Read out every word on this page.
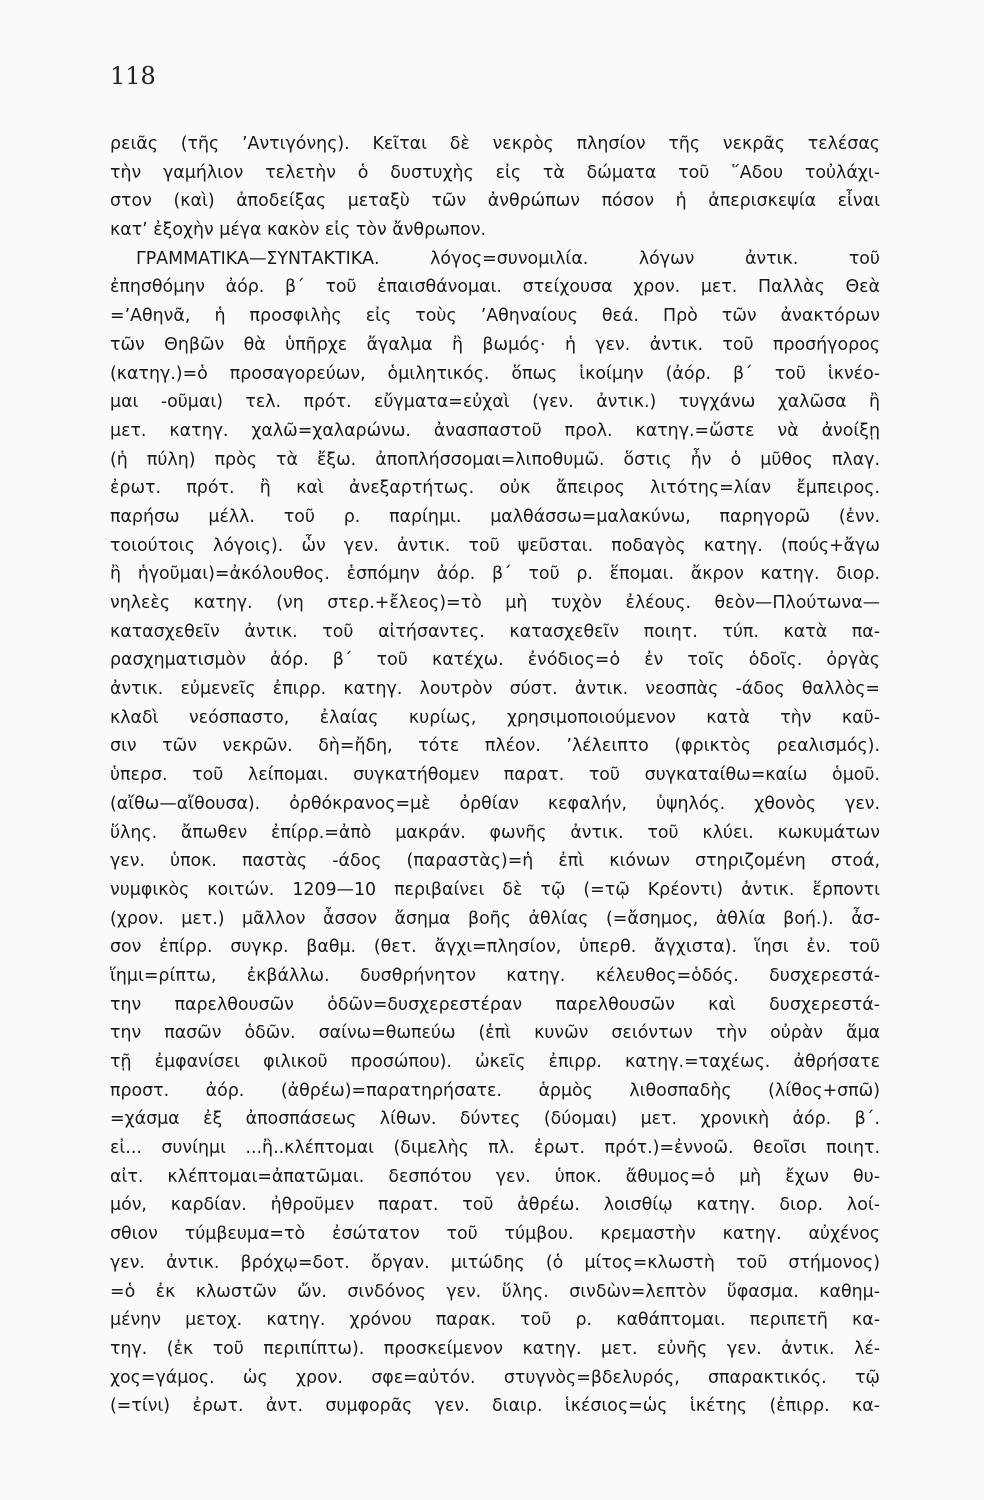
118
ρειᾶς (τῆς ’Αντιγόνης). Κεῖται δὲ νεκρὸς πλησίον τῆς νεκρᾶς τελέσας
τὴν γαμήλιον τελετὴν ὁ δυστυχὴς εἰς τὰ δώματα τοῦ ῞Αδου τοὐλάχι-
στον (καὶ) ἀποδείξας μεταξὺ τῶν ἀνθρώπων πόσον ἡ ἀπερισκεψία εἶναι
κατ’ ἐξοχὴν μέγα κακὸν εἰς τὸν ἄνθρωπον.
ΓΡΑΜΜΑΤΙΚΑ—ΣΥΝΤΑΚΤΙΚΑ. λόγος=συνομιλία. λόγων ἀντικ. τοῦ
ἐπησθόμην ἀόρ. β΄ τοῦ ἐπαισθάνομαι. στείχουσα χρον. μετ. Παλλὰς Θεὰ
=’Αθηνᾶ, ἡ προσφιλὴς εἰς τοὺς ’Αθηναίους θεά. Πρὸ τῶν ἀνακτόρων
τῶν Θηβῶν θὰ ὑπῆρχε ἄγαλμα ἢ βωμός· ἡ γεν. ἀντικ. τοῦ προσήγορος
(κατηγ.)=ὁ προσαγορεύων, ὁμιλητικός. ὅπως ἱκοίμην (ἀόρ. β΄ τοῦ ἱκνέο-
μαι -οῦμαι) τελ. πρότ. εὔγματα=εὐχαὶ (γεν. ἀντικ.) τυγχάνω χαλῶσα ἢ
μετ. κατηγ. χαλῶ=χαλαρώνω. ἀνασπαστοῦ προλ. κατηγ.=ὥστε νὰ ἀνοίξῃ
(ἡ πύλη) πρὸς τὰ ἔξω. ἀποπλήσσομαι=λιποθυμῶ. ὅστις ἦν ὁ μῦθος πλαγ.
ἐρωτ. πρότ. ἢ καὶ ἀνεξαρτήτως. οὐκ ἄπειρος λιτότης=λίαν ἔμπειρος.
παρήσω μέλλ. τοῦ ρ. παρίημι. μαλθάσσω=μαλακύνω, παρηγορῶ (ἐνν.
τοιούτοις λόγοις). ὧν γεν. ἀντικ. τοῦ ψεῦσται. ποδαγὸς κατηγ. (πούς+ἄγω
ἢ ἡγοῦμαι)=ἀκόλουθος. ἑσπόμην ἀόρ. β΄ τοῦ ρ. ἕπομαι. ἄκρον κατηγ. διορ.
νηλεὲς κατηγ. (νη στερ.+ἔλεος)=τὸ μὴ τυχὸν ἐλέους. θεὸν—Πλούτωνα—
κατασχεθεῖν ἀντικ. τοῦ αἰτήσαντες. κατασχεθεῖν ποιητ. τύπ. κατὰ πα-
ρασχηματισμὸν ἀόρ. β΄ τοῦ κατέχω. ἐνόδιος=ὁ ἐν τοῖς ὁδοῖς. ὀργὰς
ἀντικ. εὐμενεῖς ἐπιρρ. κατηγ. λουτρὸν σύστ. ἀντικ. νεοσπὰς -άδος θαλλὸς=
κλαδὶ νεόσπαστο, ἐλαίας κυρίως, χρησιμοποιούμενον κατὰ τὴν καῦ-
σιν τῶν νεκρῶν. δὴ=ἤδη, τότε πλέον. ’λέλειπτο (φρικτὸς ρεαλισμός).
ὑπερσ. τοῦ λείπομαι. συγκατήθομεν παρατ. τοῦ συγκαταίθω=καίω ὁμοῦ.
(αἴθω—αἴθουσα). ὀρθόκρανος=μὲ ὀρθίαν κεφαλήν, ὑψηλός. χθονὸς γεν.
ὕλης. ἄπωθεν ἐπίρρ.=ἀπὸ μακράν. φωνῆς ἀντικ. τοῦ κλύει. κωκυμάτων
γεν. ὑποκ. παστὰς -άδος (παραστὰς)=ἡ ἐπὶ κιόνων στηριζομένη στοά,
νυμφικὸς κοιτών. 1209—10 περιβαίνει δὲ τῷ (=τῷ Κρέοντι) ἀντικ. ἕρποντι
(χρον. μετ.) μᾶλλον ἆσσον ἄσημα βοῆς ἀθλίας (=ἄσημος, ἀθλία βοή.). ἆσ-
σον ἐπίρρ. συγκρ. βαθμ. (θετ. ἄγχι=πλησίον, ὑπερθ. ἄγχιστα). ἵησι ἐν. τοῦ
ἵημι=ρίπτω, ἐκβάλλω. δυσθρήνητον κατηγ. κέλευθος=ὁδός. δυσχερεστά-
την παρελθουσῶν ὁδῶν=δυσχερεστέραν παρελθουσῶν καὶ δυσχερεστά-
την πασῶν ὁδῶν. σαίνω=θωπεύω (ἐπὶ κυνῶν σειόντων τὴν οὐρὰν ἅμα
τῇ ἐμφανίσει φιλικοῦ προσώπου). ὠκεῖς ἐπιρρ. κατηγ.=ταχέως. ἀθρήσατε
προστ. ἀόρ. (ἀθρέω)=παρατηρήσατε. ἁρμὸς λιθοσπαδὴς (λίθος+σπῶ)
=χάσμα ἐξ ἀποσπάσεως λίθων. δύντες (δύομαι) μετ. χρονικὴ ἀόρ. β΄.
εἰ... συνίημι ...ἢ..κλέπτομαι (διμελὴς πλ. ἐρωτ. πρότ.)=ἐννοῶ. θεοῖσι ποιητ.
αἰτ. κλέπτομαι=ἀπατῶμαι. δεσπότου γεν. ὑποκ. ἄθυμος=ὁ μὴ ἔχων θυ-
μόν, καρδίαν. ἠθροῦμεν παρατ. τοῦ ἀθρέω. λοισθίῳ κατηγ. διορ. λοί-
σθιον τύμβευμα=τὸ ἐσώτατον τοῦ τύμβου. κρεμαστὴν κατηγ. αὐχένος
γεν. ἀντικ. βρόχῳ=δοτ. ὄργαν. μιτώδης (ὁ μίτος=κλωστὴ τοῦ στήμονος)
=ὁ ἐκ κλωστῶν ὤν. σινδόνος γεν. ὕλης. σινδὼν=λεπτὸν ὕφασμα. καθημ-
μένην μετοχ. κατηγ. χρόνου παρακ. τοῦ ρ. καθάπτομαι. περιπετῆ κα-
τηγ. (ἐκ τοῦ περιπίπτω). προσκείμενον κατηγ. μετ. εὐνῆς γεν. ἀντικ. λέ-
χος=γάμος. ὡς χρον. σφε=αὐτόν. στυγνὸς=βδελυρός, σπαρακτικός. τῷ
(=τίνι) ἐρωτ. ἀντ. συμφορᾶς γεν. διαιρ. ἱκέσιος=ὡς ἱκέτης (ἐπιρρ. κα-
